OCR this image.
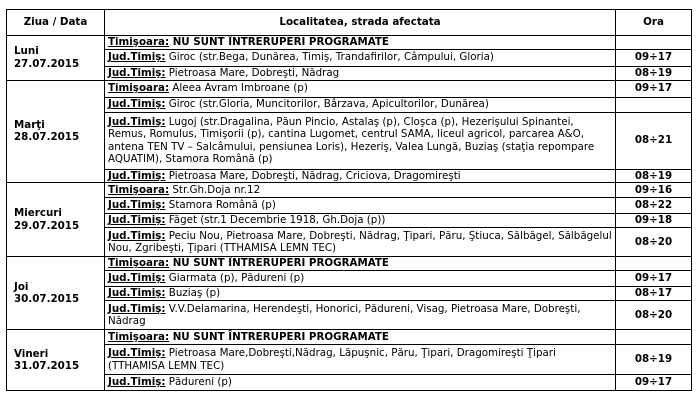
Ziua / Data	Localitatea, strada afectata	Ora

Luni
27.07.2015	Timişoara: NU SUNT ÎNTRERUPERI PROGRAMATE	
	Jud.Timiş: Giroc (str.Bega, Dunărea, Timiş, Trandafirilor, Câmpului, Gloria)	09÷17
	Jud.Timiş: Pietroasa Mare, Dobreşti, Nădrag	08÷19

Marţi
28.07.2015	Timişoara: Aleea Avram Imbroane (p)	09÷17
	Jud.Timiş: Giroc (str.Gloria, Muncitorilor, Bârzava, Apicultorilor, Dunărea)	
	Jud.Timiş: Lugoj (str.Dragalina, Păun Pincio, Astalaş (p), Cloşca (p), Hezerişului Spinantei, Remus, Romulus, Timişorii (p), cantina Lugomet, centrul SAMA, liceul agricol, parcarea A&O, antena TEN TV – Salcâmului, pensiunea Loris), Hezeriş, Valea Lungă, Buziaş (staţia repompare AQUATIM), Stamora Română (p)	08÷21
	Jud.Timiş: Pietroasa Mare, Dobreşti, Nădrag, Criciova, Dragomireşti	08÷19

Miercuri
29.07.2015	Timişoara: Str.Gh.Doja nr.12	09÷16
	Jud.Timiş: Stamora Română (p)	08÷22
	Jud.Timiş: Făget (str.1 Decembrie 1918, Gh.Doja (p))	09÷18
	Jud.Timiş: Peciu Nou, Pietroasa Mare, Dobreşti, Nădrag, Ţipari, Păru, Ştiuca, Sălbăgel, Sălbăgelul Nou, Zgribeşti, Ţipari (TTHAMISA LEMN TEC)	08÷20

Joi
30.07.2015	Timişoara: NU SUNT ÎNTRERUPERI PROGRAMATE	
	Jud.Timiş: Giarmata (p), Pădureni (p)	09÷17
	Jud.Timiş: Buziaş (p)	08÷17
	Jud.Timiş: V.V.Delamarina, Herendeşti, Honorici, Pădureni, Visag, Pietroasa Mare, Dobreşti, Nădrag	08÷20

Vineri
31.07.2015	Timişoara: NU SUNT ÎNTRERUPERI PROGRAMATE	
	Jud.Timiş: Pietroasa Mare,Dobreşti,Nădrag, Lăpuşnic, Păru, Ţipari, Dragomireşti Ţipari (TTHAMISA LEMN TEC)	08÷19
	Jud.Timiş: Pădureni (p)	09÷17
